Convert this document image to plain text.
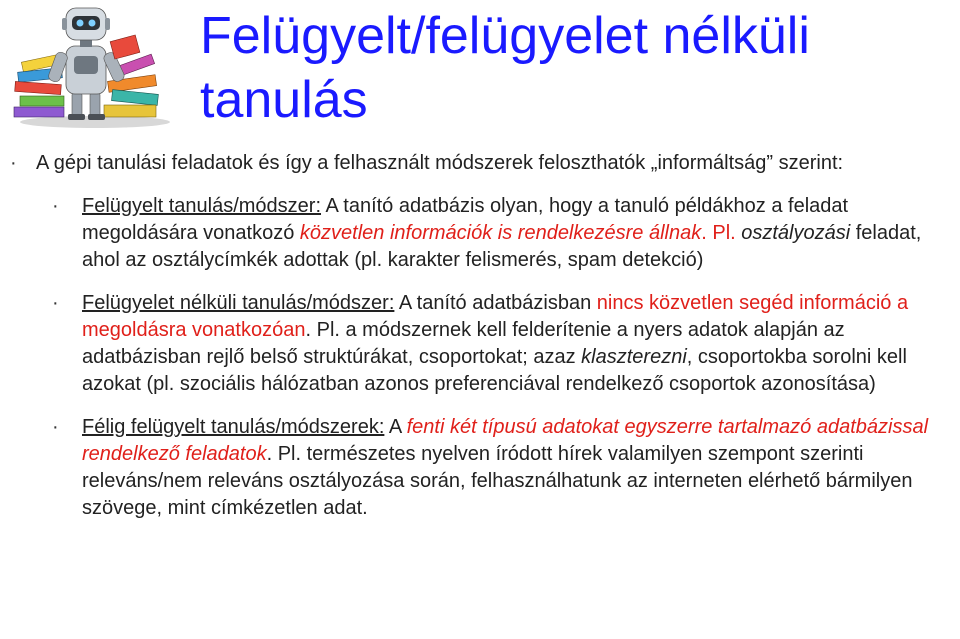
Felügyelt/felügyelet nélküli tanulás
· A gépi tanulási feladatok és így a felhasznált módszerek feloszthatók „informáltság” szerint:
· Felügyelt tanulás/módszer: A tanító adatbázis olyan, hogy a tanuló példákhoz a feladat megoldására vonatkozó közvetlen információk is rendelkezésre állnak. Pl. osztályozási feladat, ahol az osztálycímkék adottak (pl. karakter felismerés, spam detekció)
· Felügyelet nélküli tanulás/módszer: A tanító adatbázisban nincs közvetlen segéd információ a megoldásra vonatkozóan. Pl. a módszernek kell felderítenie a nyers adatok alapján az adatbázisban rejlő belső struktúrákat, csoportokat; azaz klaszterezni, csoportokba sorolni kell azokat (pl. szociális hálózatban azonos preferenciával rendelkező csoportok azonosítása)
· Félig felügyelt tanulás/módszerek: A fenti két típusú adatokat egyszerre tartalmazó adatbázissal rendelkező feladatok. Pl. természetes nyelven íródott hírek valamilyen szempont szerinti releváns/nem releváns osztályozása során, felhasználhatunk az interneten elérhető bármilyen szövege, mint címkézetlen adat.
